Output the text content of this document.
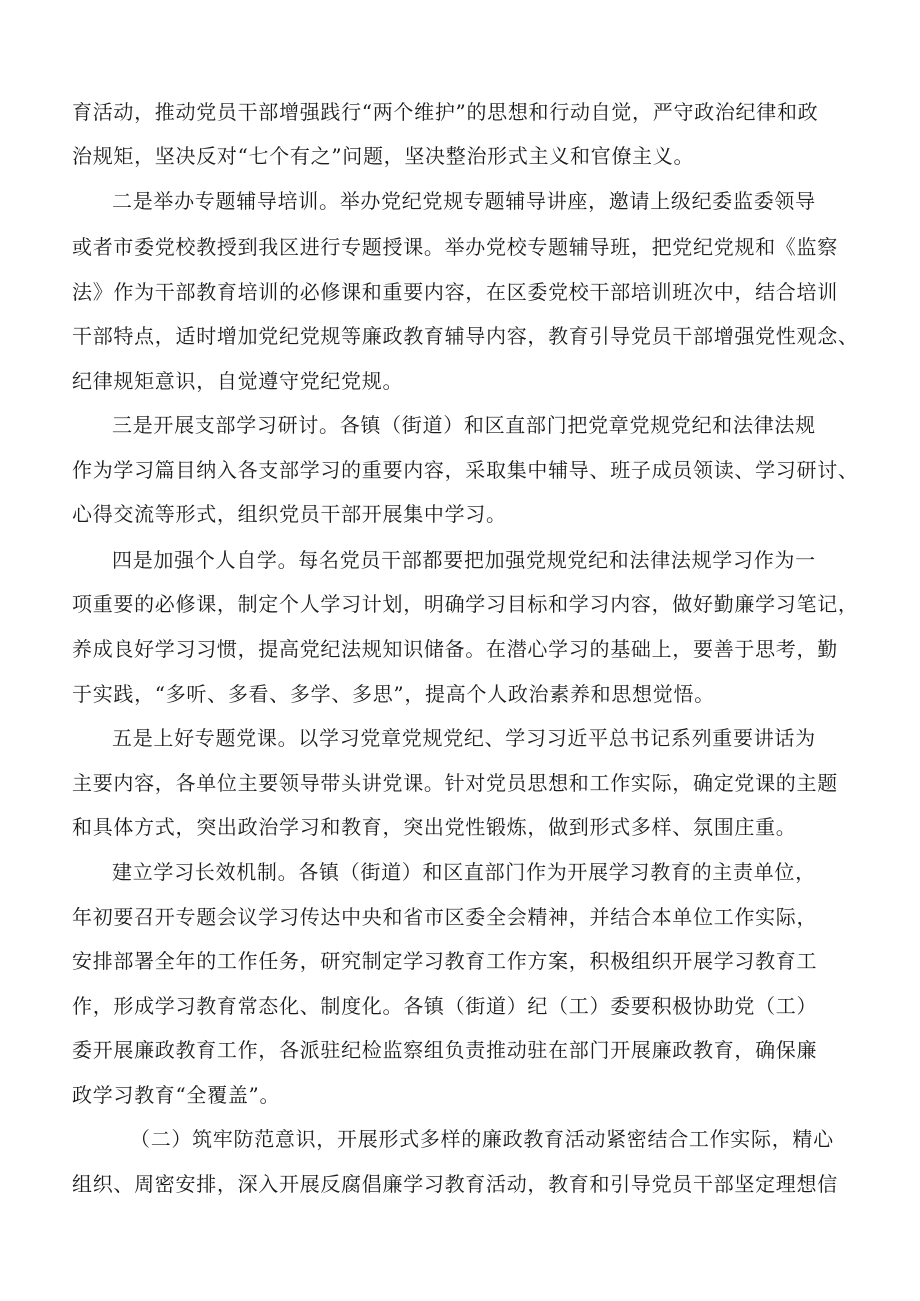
育活动，推动党员干部增强践行“两个维护”的思想和行动自觉，严守政治纪律和政

治规矩，坚决反对“七个有之”问题，坚决整治形式主义和官僚主义。

二是举办专题辅导培训。举办党纪党规专题辅导讲座，邀请上级纪委监委领导

或者市委党校教授到我区进行专题授课。举办党校专题辅导班，把党纪党规和《监察

法》作为干部教育培训的必修课和重要内容，在区委党校干部培训班次中，结合培训

干部特点，适时增加党纪党规等廉政教育辅导内容，教育引导党员干部增强党性观念、

纪律规矩意识，自觉遵守党纪党规。

三是开展支部学习研讨。各镇（街道）和区直部门把党章党规党纪和法律法规

作为学习篇目纳入各支部学习的重要内容，采取集中辅导、班子成员领读、学习研讨、

心得交流等形式，组织党员干部开展集中学习。

四是加强个人自学。每名党员干部都要把加强党规党纪和法律法规学习作为一

项重要的必修课，制定个人学习计划，明确学习目标和学习内容，做好勤廉学习笔记，

养成良好学习习惯，提高党纪法规知识储备。在潜心学习的基础上，要善于思考，勤

于实践，“多听、多看、多学、多思”，提高个人政治素养和思想觉悟。

五是上好专题党课。以学习党章党规党纪、学习习近平总书记系列重要讲话为

主要内容，各单位主要领导带头讲党课。针对党员思想和工作实际，确定党课的主题

和具体方式，突出政治学习和教育，突出党性锻炼，做到形式多样、氛围庄重。

建立学习长效机制。各镇（街道）和区直部门作为开展学习教育的主责单位，

年初要召开专题会议学习传达中央和省市区委全会精神，并结合本单位工作实际，

安排部署全年的工作任务，研究制定学习教育工作方案，积极组织开展学习教育工

作，形成学习教育常态化、制度化。各镇（街道）纪（工）委要积极协助党（工）

委开展廉政教育工作，各派驻纪检监察组负责推动驻在部门开展廉政教育，确保廉

政学习教育“全覆盖”。

（二）筑牢防范意识，开展形式多样的廉政教育活动紧密结合工作实际，精心

组织、周密安排，深入开展反腐倡廉学习教育活动，教育和引导党员干部坚定理想信
